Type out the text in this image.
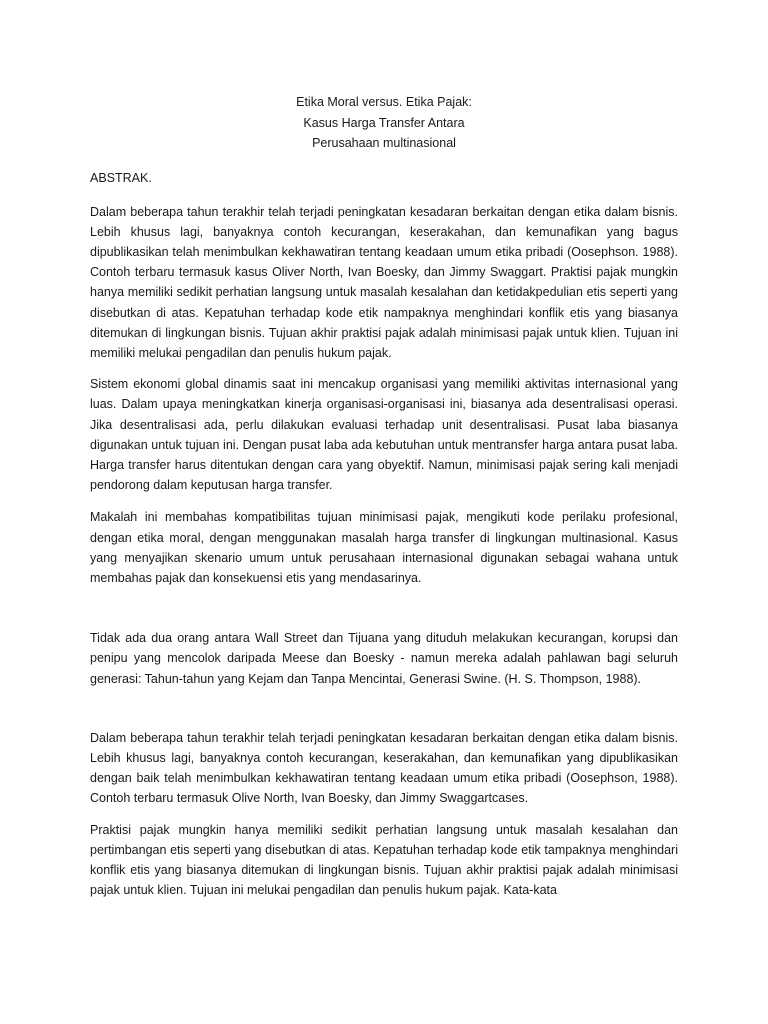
Etika Moral versus. Etika Pajak:
Kasus Harga Transfer Antara
Perusahaan multinasional

ABSTRAK.

Dalam beberapa tahun terakhir telah terjadi peningkatan kesadaran berkaitan dengan etika dalam bisnis. Lebih khusus lagi, banyaknya contoh kecurangan, keserakahan, dan kemunafikan yang bagus dipublikasikan telah menimbulkan kekhawatiran tentang keadaan umum etika pribadi (Oosephson. 1988). Contoh terbaru termasuk kasus Oliver North, Ivan Boesky, dan Jimmy Swaggart. Praktisi pajak mungkin hanya memiliki sedikit perhatian langsung untuk masalah kesalahan dan ketidakpedulian etis seperti yang disebutkan di atas. Kepatuhan terhadap kode etik nampaknya menghindari konflik etis yang biasanya ditemukan di lingkungan bisnis. Tujuan akhir praktisi pajak adalah minimisasi pajak untuk klien. Tujuan ini memiliki melukai pengadilan dan penulis hukum pajak.

Sistem ekonomi global dinamis saat ini mencakup organisasi yang memiliki aktivitas internasional yang luas. Dalam upaya meningkatkan kinerja organisasi-organisasi ini, biasanya ada desentralisasi operasi. Jika desentralisasi ada, perlu dilakukan evaluasi terhadap unit desentralisasi. Pusat laba biasanya digunakan untuk tujuan ini. Dengan pusat laba ada kebutuhan untuk mentransfer harga antara pusat laba. Harga transfer harus ditentukan dengan cara yang obyektif. Namun, minimisasi pajak sering kali menjadi pendorong dalam keputusan harga transfer.

Makalah ini membahas kompatibilitas tujuan minimisasi pajak, mengikuti kode perilaku profesional, dengan etika moral, dengan menggunakan masalah harga transfer di lingkungan multinasional. Kasus yang menyajikan skenario umum untuk perusahaan internasional digunakan sebagai wahana untuk membahas pajak dan konsekuensi etis yang mendasarinya.

Tidak ada dua orang antara Wall Street dan Tijuana yang dituduh melakukan kecurangan, korupsi dan penipu yang mencolok daripada Meese dan Boesky - namun mereka adalah pahlawan bagi seluruh generasi: Tahun-tahun yang Kejam dan Tanpa Mencintai, Generasi Swine. (H. S. Thompson, 1988).

Dalam beberapa tahun terakhir telah terjadi peningkatan kesadaran berkaitan dengan etika dalam bisnis. Lebih khusus lagi, banyaknya contoh kecurangan, keserakahan, dan kemunafikan yang dipublikasikan dengan baik telah menimbulkan kekhawatiran tentang keadaan umum etika pribadi (Oosephson, 1988). Contoh terbaru termasuk Olive North, Ivan Boesky, dan Jimmy Swaggartcases.

Praktisi pajak mungkin hanya memiliki sedikit perhatian langsung untuk masalah kesalahan dan pertimbangan etis seperti yang disebutkan di atas. Kepatuhan terhadap kode etik tampaknya menghindari konflik etis yang biasanya ditemukan di lingkungan bisnis. Tujuan akhir praktisi pajak adalah minimisasi pajak untuk klien. Tujuan ini melukai pengadilan dan penulis hukum pajak. Kata-kata
